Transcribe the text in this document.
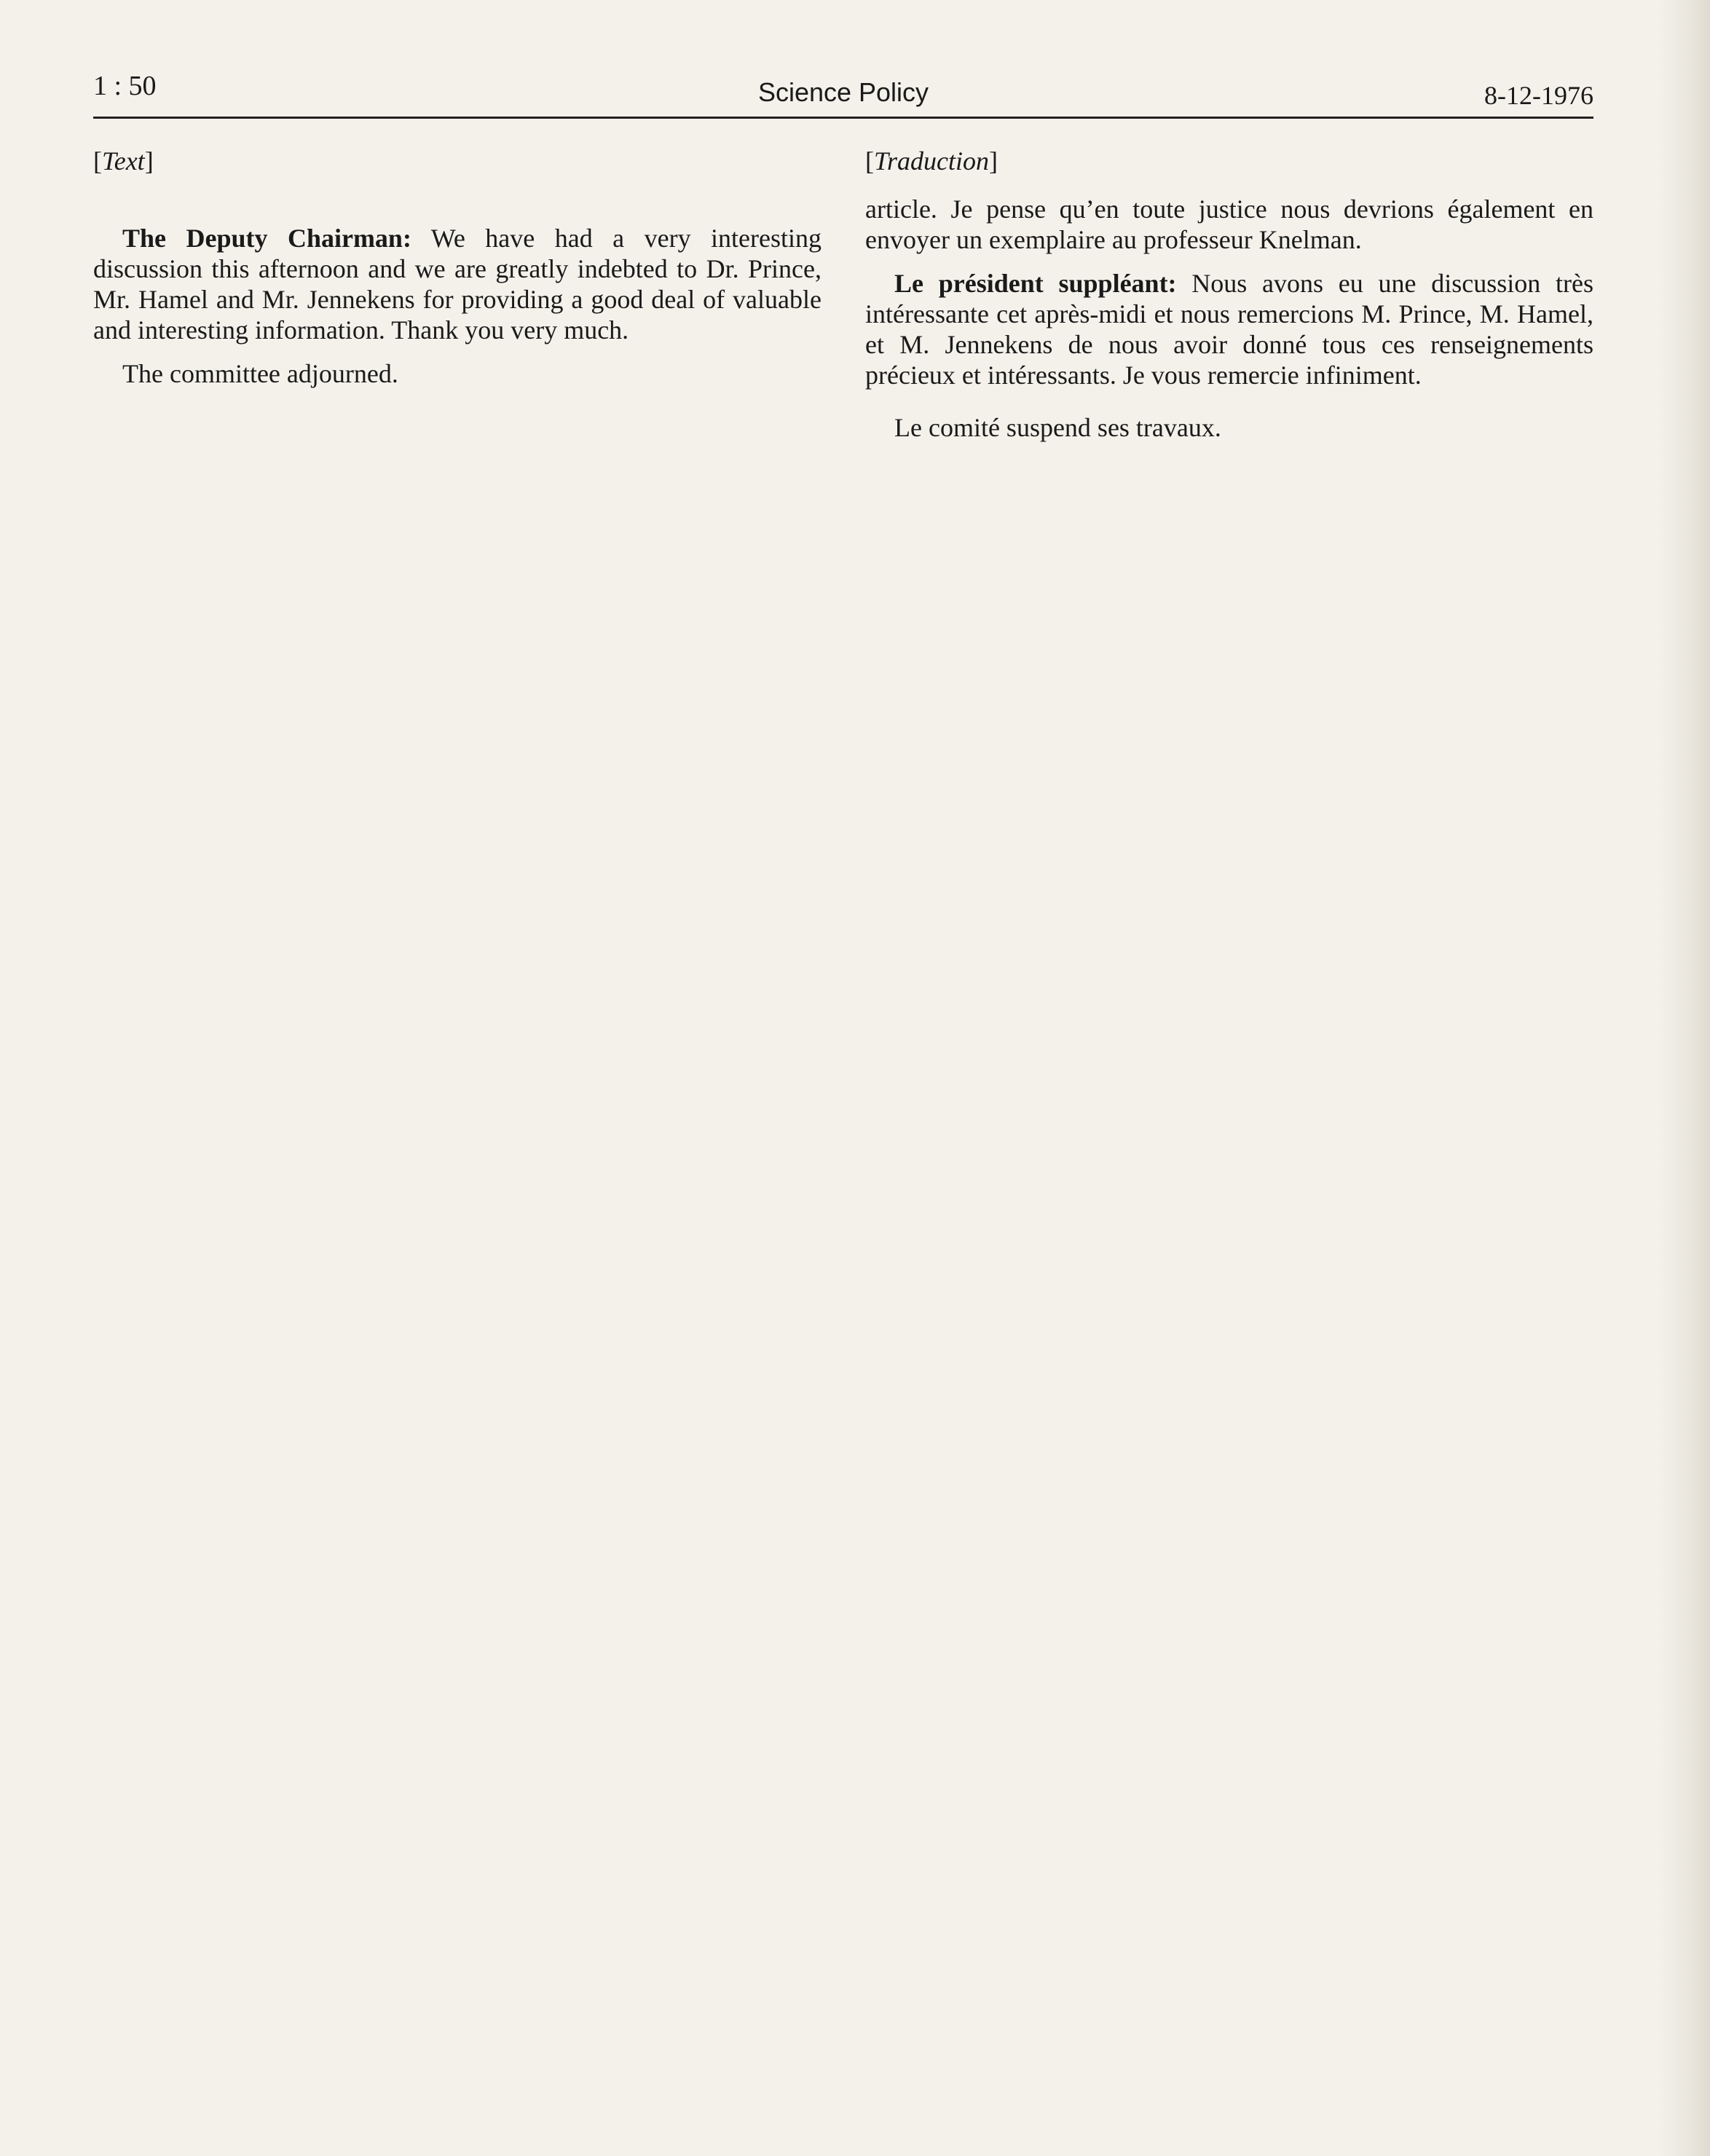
1 : 50	Science Policy	8-12-1976

[Text]

The Deputy Chairman: We have had a very interesting discussion this afternoon and we are greatly indebted to Dr. Prince, Mr. Hamel and Mr. Jennekens for providing a good deal of valuable and interesting information. Thank you very much.

The committee adjourned.

[Traduction]

article. Je pense qu’en toute justice nous devrions également en envoyer un exemplaire au professeur Knelman.

Le président suppléant: Nous avons eu une discussion très intéressante cet après-midi et nous remercions M. Prince, M. Hamel, et M. Jennekens de nous avoir donné tous ces renseignements précieux et intéressants. Je vous remercie infiniment.

Le comité suspend ses travaux.
